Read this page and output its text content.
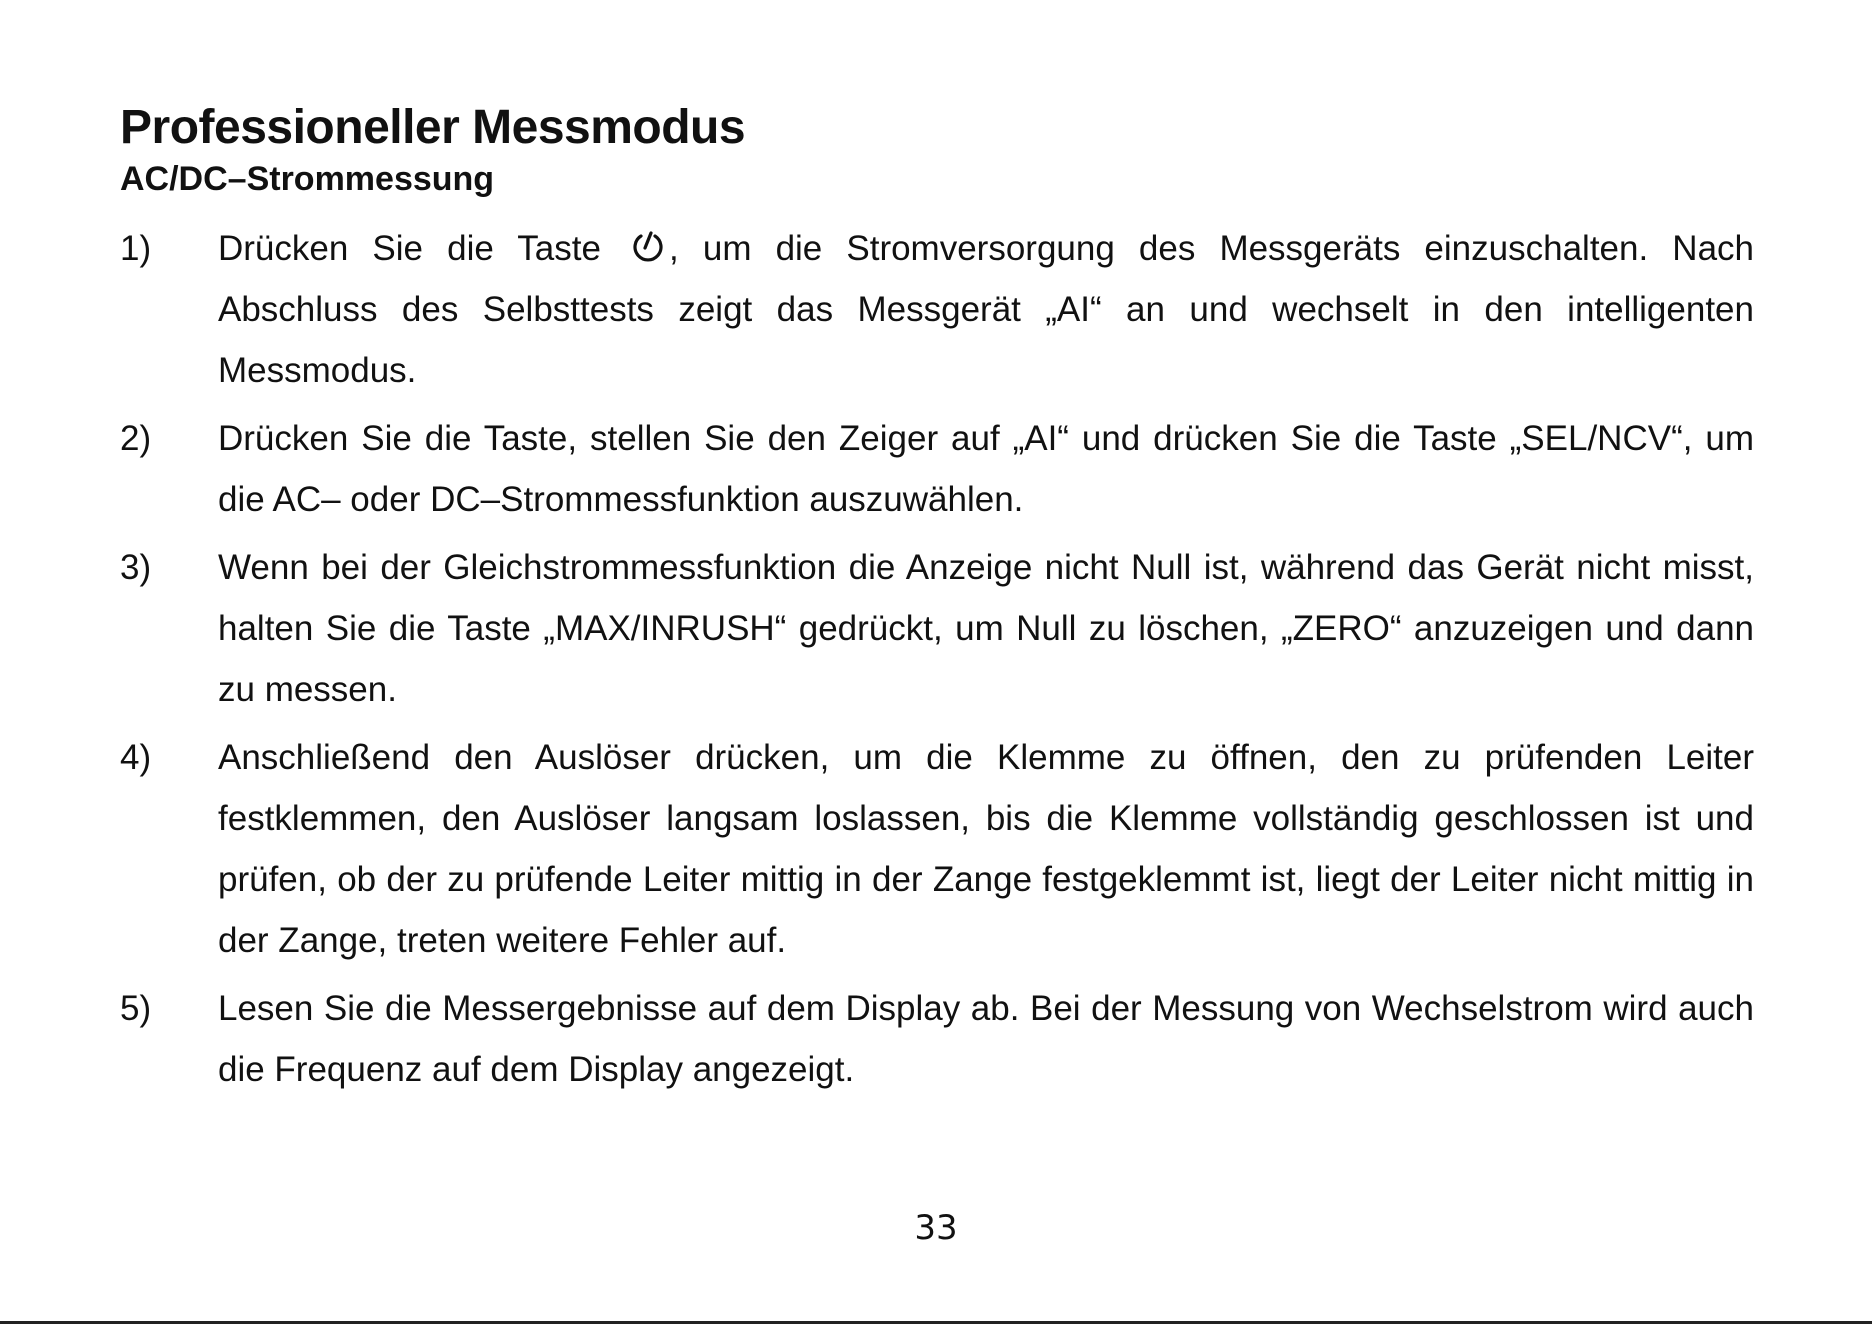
Professioneller Messmodus
AC/DC–Strommessung
1)	Drücken Sie die Taste , um die Stromversorgung des Messgeräts einzuschalten. Nach Abschluss des Selbsttests zeigt das Messgerät „AI“ an und wechselt in den intelligenten Messmodus.
2)	Drücken Sie die Taste, stellen Sie den Zeiger auf „AI“ und drücken Sie die Taste „SEL/NCV“, um die AC– oder DC–Strommessfunktion auszuwählen.
3)	Wenn bei der Gleichstrommessfunktion die Anzeige nicht Null ist, während das Gerät nicht misst, halten Sie die Taste „MAX/INRUSH“ gedrückt, um Null zu löschen, „ZERO“ anzuzeigen und dann zu messen.
4)	Anschließend den Auslöser drücken, um die Klemme zu öffnen, den zu prüfenden Leiter festklemmen, den Auslöser langsam loslassen, bis die Klemme vollständig geschlossen ist und prüfen, ob der zu prüfende Leiter mittig in der Zange festgeklemmt ist, liegt der Leiter nicht mittig in der Zange, treten weitere Fehler auf.
5)	Lesen Sie die Messergebnisse auf dem Display ab. Bei der Messung von Wechselstrom wird auch die Frequenz auf dem Display angezeigt.
33
